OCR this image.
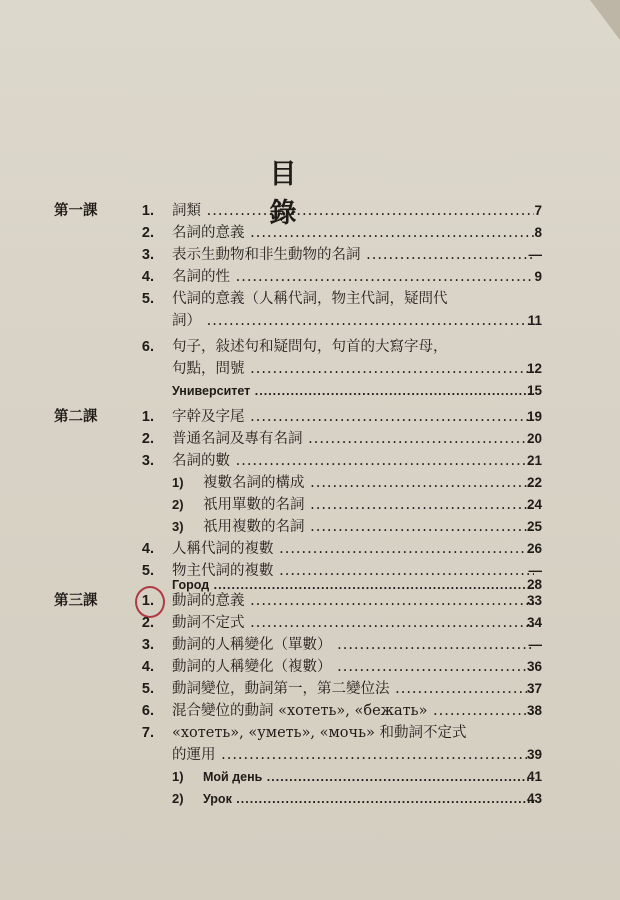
目 錄
第一課	1. 詞類 .....	7
2. 名詞的意義 .....	8
3. 表示生動物和非生動物的名詞 .....	—
4. 名詞的性 .....	9
5. 代詞的意義（人稱代詞，物主代詞，疑問代
詞） .....	11
6. 句子，敍述句和疑問句，句首的大寫字母，
句點，問號 .....	12
Университет .....	15
第二課	1. 字幹及字尾 .....	19
2. 普通名詞及專有名詞 .....	20
3. 名詞的數 .....	21
1)	複數名詞的構成 .....	22
2)	祇用單數的名詞 .....	24
3)	祇用複數的名詞 .....	25
4. 人稱代詞的複數 .....	26
5. 物主代詞的複數 .....	—
Город .....	28
第三課	1. 動詞的意義 .....	33
2. 動詞不定式 .....	34
3. 動詞的人稱變化（單數） .....	—
4. 動詞的人稱變化（複數） .....	36
5. 動詞變位，動詞第一，第二變位法 .....	37
6. 混合變位的動詞 «хотеть», «бежать» .....	38
7. «хотеть», «уметь», «мочь» 和動詞不定式
的運用 .....	39
1)	Мой день .....	41
2)	Урок .....	43
